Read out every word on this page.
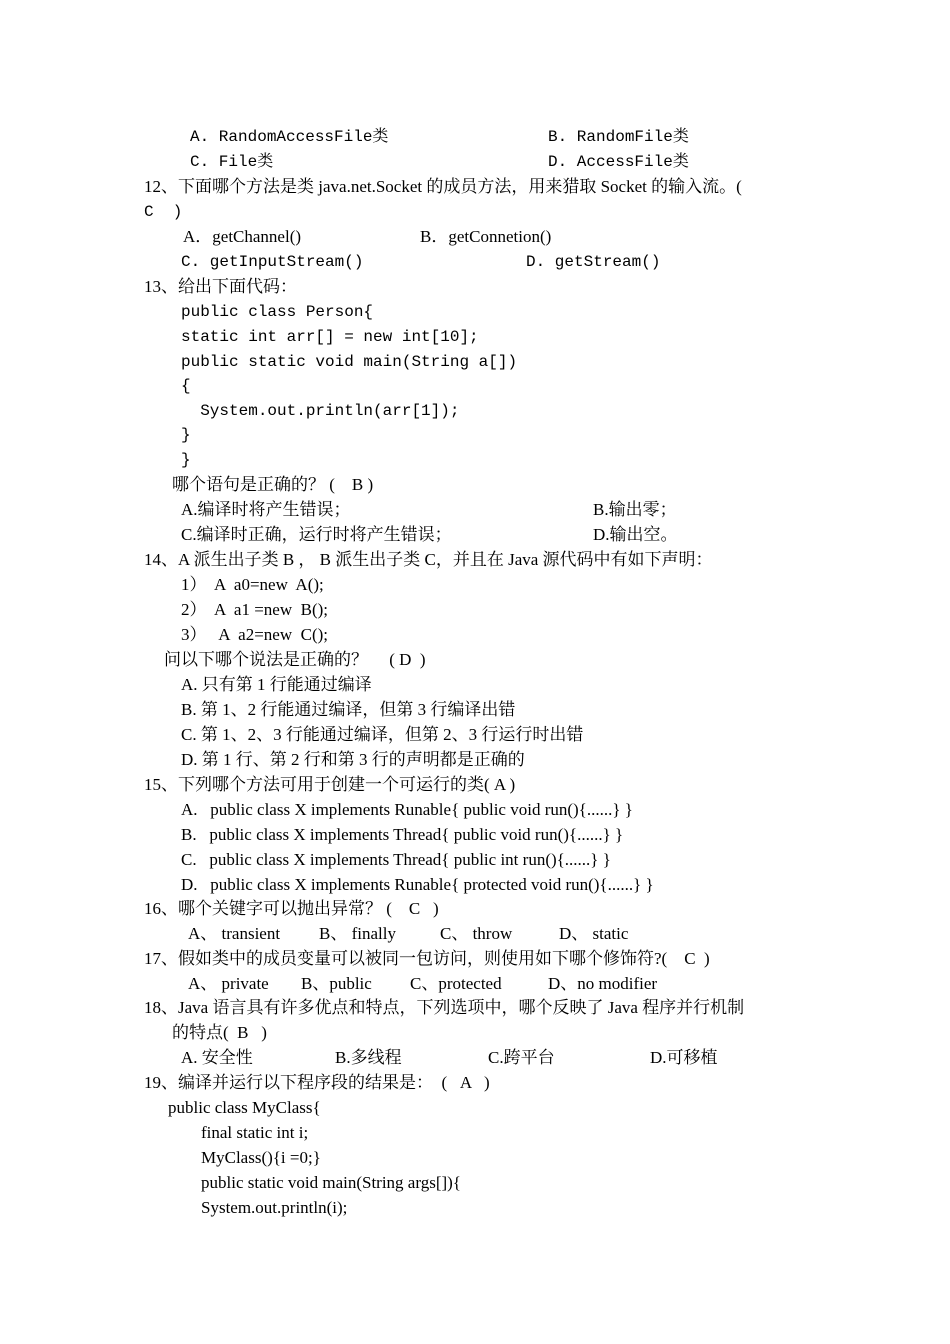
A. RandomAccessFile类	B. RandomFile类
C. File类	D. AccessFile类
12、下面哪个方法是类 java.net.Socket 的成员方法，用来猎取 Socket 的输入流。(
C  )
A．getChannel()	B．getConnetion()
C. getInputStream()	D. getStream()
13、给出下面代码：
public class Person{
static int arr[] = new int[10];
public static void main(String a[])
{
System.out.println(arr[1]);
}
}
哪个语句是正确的？ (    B )
A.编译时将产生错误；	B.输出零；
C.编译时正确，运行时将产生错误；	D.输出空。
14、A 派生出子类 B ， B 派生出子类 C，并且在 Java 源代码中有如下声明：
1）  A  a0=new  A();
2）  A  a1 =new  B();
3）   A  a2=new  C();
问以下哪个说法是正确的？     ( D  )
A. 只有第 1 行能通过编译
B. 第 1、2 行能通过编译，但第 3 行编译出错
C. 第 1、2、3 行能通过编译，但第 2、3 行运行时出错
D. 第 1 行、第 2 行和第 3 行的声明都是正确的
15、下列哪个方法可用于创建一个可运行的类( A )
A.   public class X implements Runable{ public void run(){......} }
B.   public class X implements Thread{ public void run(){......} }
C.   public class X implements Thread{ public int run(){......} }
D.   public class X implements Runable{ protected void run(){......} }
16、哪个关键字可以抛出异常？ (    C   )
A、 transient B、 finally	C、 throw	D、 static
17、假如类中的成员变量可以被同一包访问，则使用如下哪个修饰符?(    C  )
A、 private B、public C、protected	D、no modifier
18、Java 语言具有许多优点和特点，下列选项中，哪个反映了 Java 程序并行机制
的特点(  B   )
A. 安全性	B.多线程	C.跨平台	D.可移植
19、编译并运行以下程序段的结果是：  (   A   )
public class MyClass{
final static int i;
MyClass(){i =0;}
public static void main(String args[]){
System.out.println(i);
